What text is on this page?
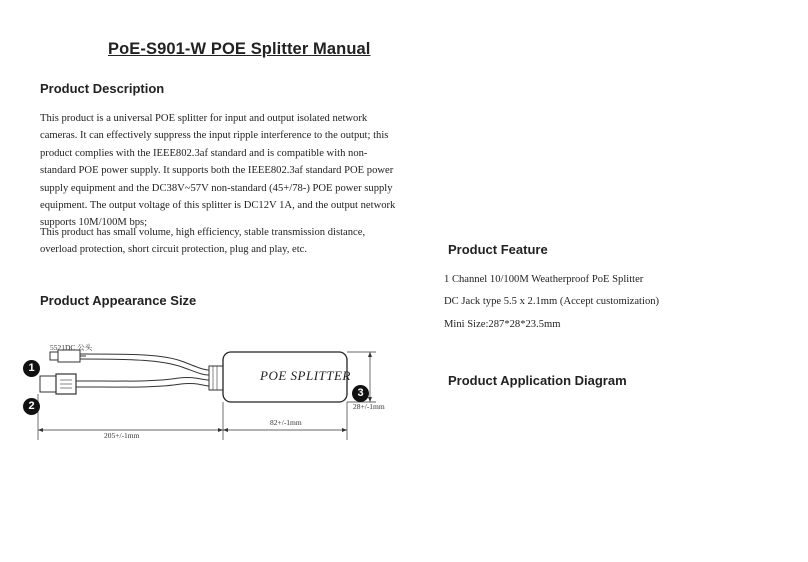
PoE-S901-W POE Splitter Manual
Product Description
This product is a universal POE splitter for input and output isolated network
cameras. It can effectively suppress the input ripple interference to the output; this
product complies with the IEEE802.3af standard and is compatible with non-
standard POE power supply. It supports both the IEEE802.3af standard POE power
supply equipment and the DC38V~57V non-standard (45+/78-) POE power supply
equipment. The output voltage of this splitter is DC12V 1A, and the output network
supports 10M/100M bps;
This product has small volume, high efficiency, stable transmission distance,
overload protection, short circuit protection, plug and play, etc.
Product Appearance Size
5521DC 公头
POE SPLITTER
205+/-1mm
82+/-1mm
28+/-1mm
1
2
3
Product Feature
1 Channel 10/100M Weatherproof PoE Splitter
DC Jack type 5.5 x 2.1mm (Accept customization)
Mini Size:287*28*23.5mm
Product Application Diagram
